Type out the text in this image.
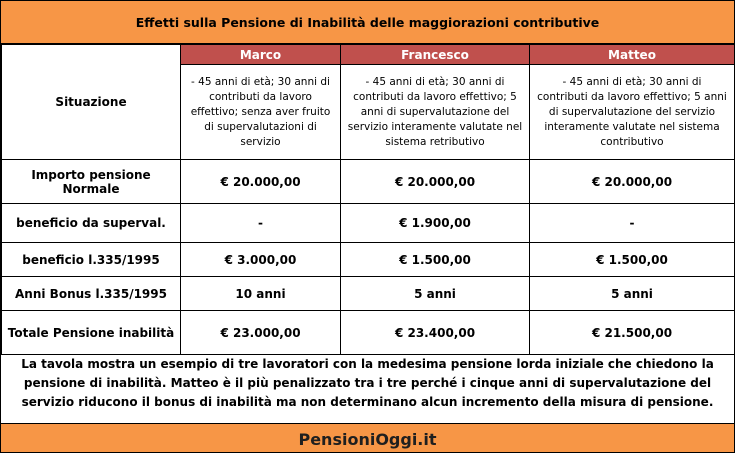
Effetti sulla Pensione di Inabilità delle maggiorazioni contributive
Situazione	Marco	Francesco	Matteo
	- 45 anni di età; 30 anni di contributi da lavoro effettivo; senza aver fruito di supervalutazioni di servizio	- 45 anni di età; 30 anni di contributi da lavoro effettivo; 5 anni di supervalutazione del servizio interamente valutate nel sistema retributivo	- 45 anni di età; 30 anni di contributi da lavoro effettivo; 5 anni di supervalutazione del servizio interamente valutate nel sistema contributivo
Importo pensione Normale	€ 20.000,00	€ 20.000,00	€ 20.000,00
beneficio da superval.	-	€ 1.900,00	-
beneficio l.335/1995	€ 3.000,00	€ 1.500,00	€ 1.500,00
Anni Bonus l.335/1995	10 anni	5 anni	5 anni
Totale Pensione inabilità	€ 23.000,00	€ 23.400,00	€ 21.500,00
La tavola mostra un esempio di tre lavoratori con la medesima pensione lorda iniziale che chiedono la pensione di inabilità. Matteo è il più penalizzato tra i tre perché i cinque anni di supervalutazione del servizio riducono il bonus di inabilità ma non determinano alcun incremento della misura di pensione.
PensioniOggi.it
